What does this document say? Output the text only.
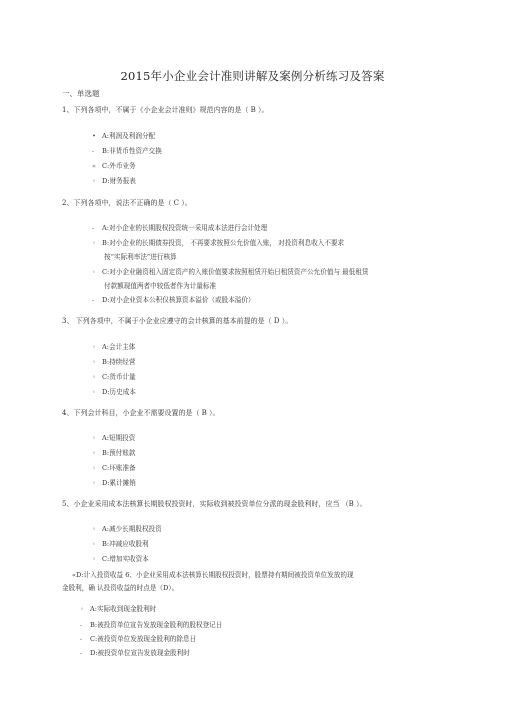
2015年小企业会计准则讲解及案例分析练习及答案
一、单选题
1、下列各项中，不属于《小企业会计准则》规范内容的是（ B ）。
• A:利润及利润分配
- B:非货币性资产交换
« C:外币业务
◦ D:财务报表
2、下列各项中，说法不正确的是（ C ）。
- A:对小企业的长期股权投资统一采用成本法进行会计处理
◦ B:对小企业的长期债券投资， 不再要求按照公允价值入账， 对投资利息收入不要求
按“实际利率法”进行核算
◦ C:对小企业融资租入固定资产的入账价值要求按照租赁开始日租赁资产公允价值与 最低租赁
付款额现值两者中较低者作为计量标准
- D:对小企业资本公积仅核算资本溢价（或股本溢价）
3、 下列各项中，不属于小企业应遵守的会计核算的基本前提的是（ D ）。
◦ A:会计主体
◦ B:持续经营
◦ C:货币计量
◦ D:历史成本
4、下列会计科目，小企业不需要设置的是（ B ）。
◦ A:短期投资
◦ B:预付账款
◦ C:坏账准备
◦ D:累计摊销
5、小企业采用成本法核算长期股权投资时，实际收到被投资单位分派的现金股利时，应当 （B ）。
◦ A:减少长期股权投资
◦ B:冲减应收股利
◦ C:增加实收资本
«D:计入投资收益 6、小企业采用成本法核算长期股权投资时，股票持有期间被投资单位发放的现
金股利，确 认投资收益的时点是（D）。
◦ A:实际收到现金股利时
- B:被投资单位宣告发放现金股利的股权登记日
- C:被投资单位发放现金股利的除息日
- D:被投资单位宣告发放现金股利时
